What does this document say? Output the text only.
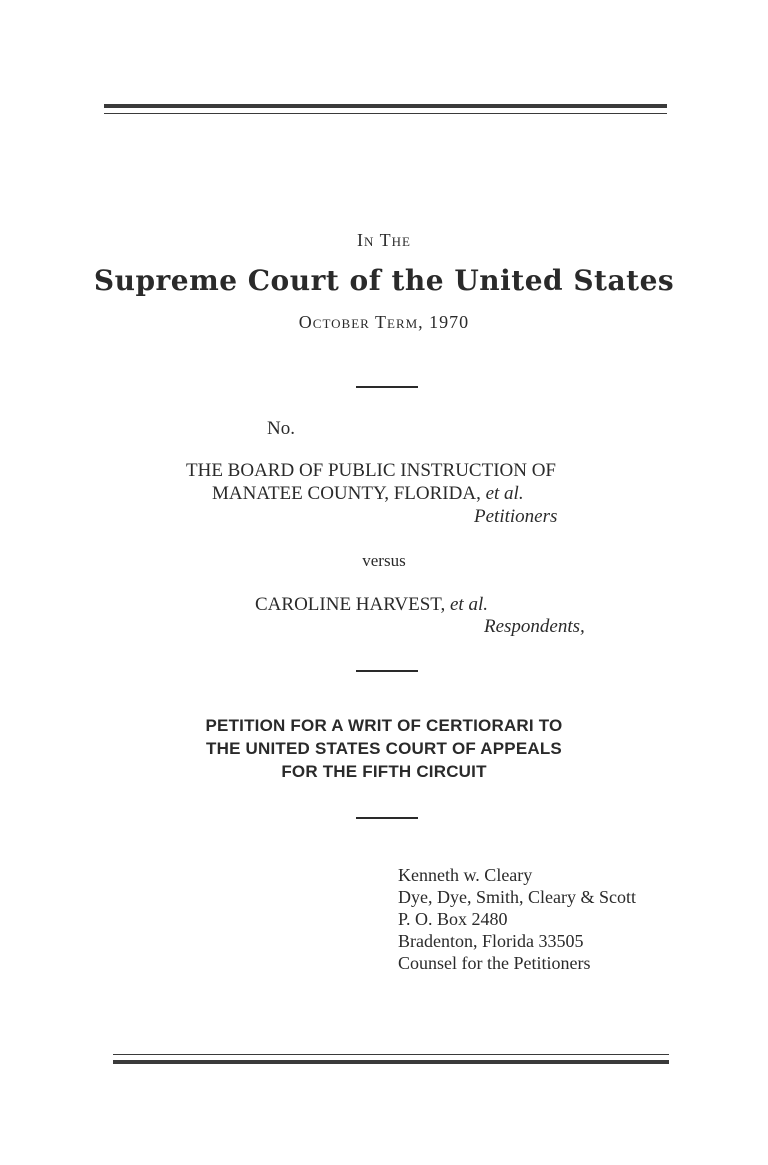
In The
Supreme Court of the United States
October Term, 1970
No.
THE BOARD OF PUBLIC INSTRUCTION OF
MANATEE COUNTY, FLORIDA, et al.
Petitioners
versus
CAROLINE HARVEST, et al.
Respondents,
PETITION FOR A WRIT OF CERTIORARI TO
THE UNITED STATES COURT OF APPEALS
FOR THE FIFTH CIRCUIT
Kenneth w. Cleary
Dye, Dye, Smith, Cleary & Scott
P. O. Box 2480
Bradenton, Florida 33505
Counsel for the Petitioners
